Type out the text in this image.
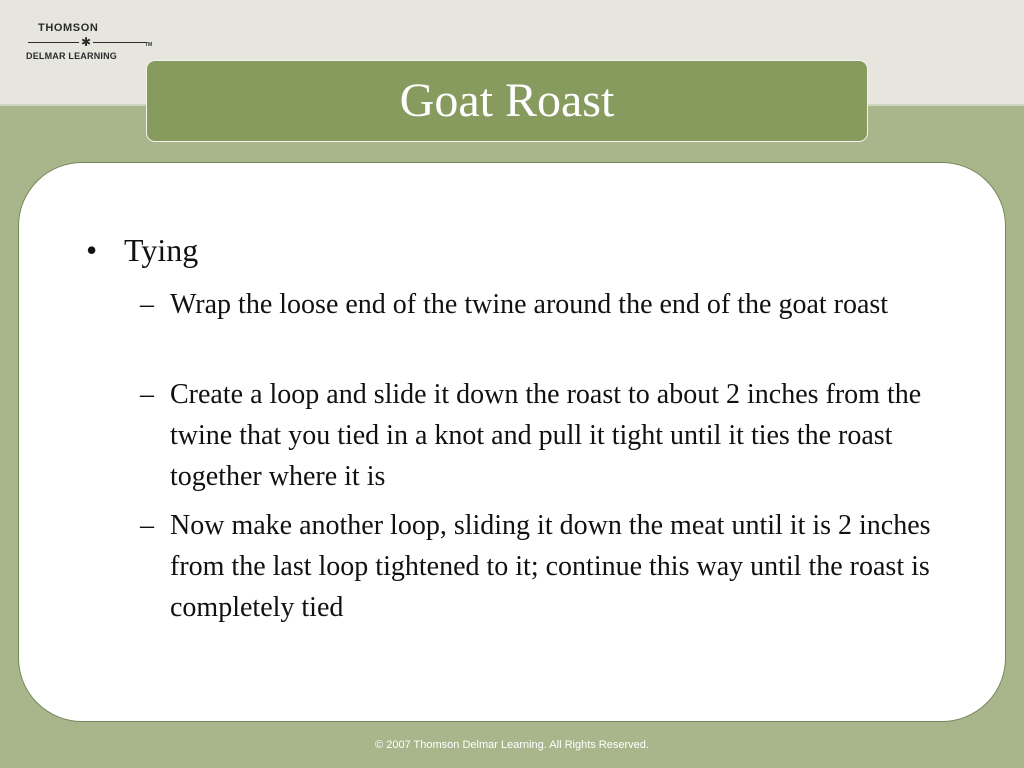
THOMSON
✱	TM
DELMAR LEARNING
Goat Roast
• Tying
– Wrap the loose end of the twine around the end of the goat roast
– Create a loop and slide it down the roast to about 2 inches from the twine that you tied in a knot and pull it tight until it ties the roast together where it is
– Now make another loop, sliding it down the meat until it is 2 inches from the last loop tightened to it; continue this way until the roast is completely tied
© 2007 Thomson Delmar Learning. All Rights Reserved.
